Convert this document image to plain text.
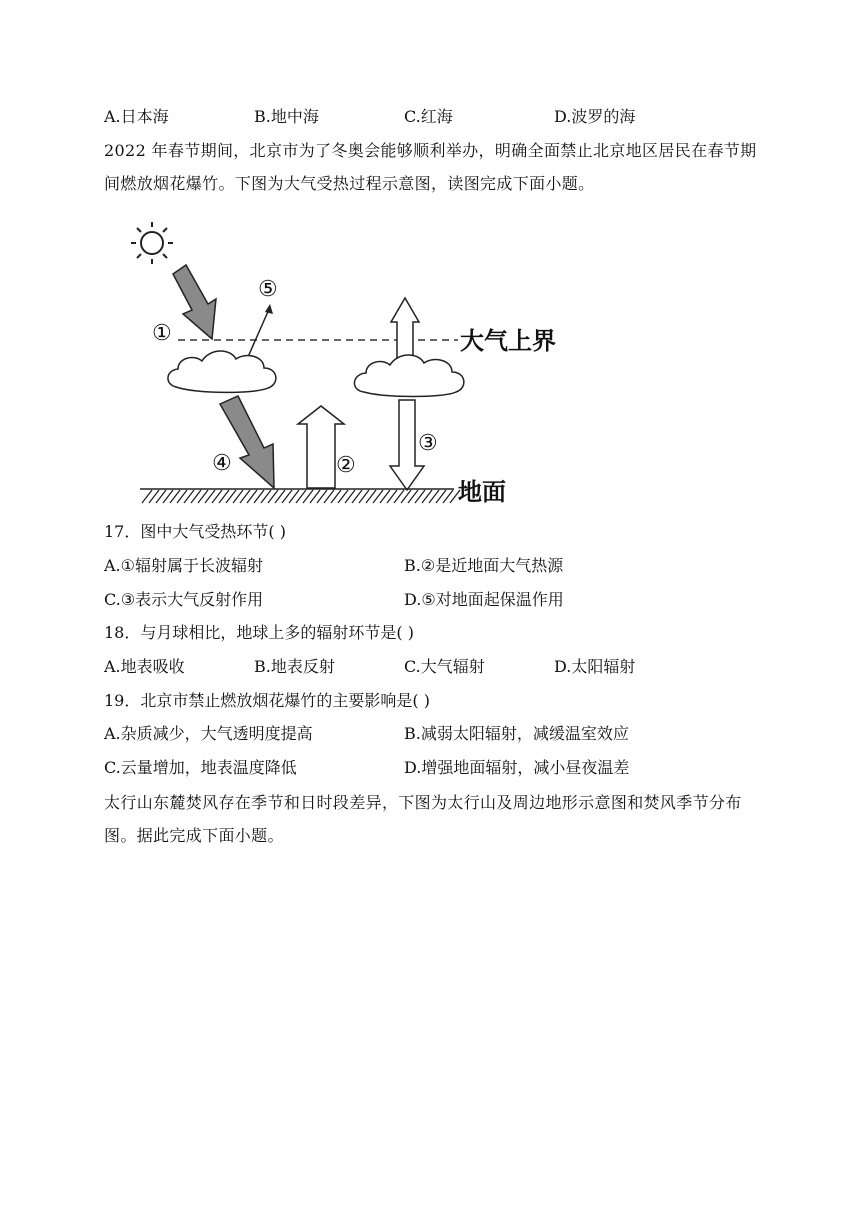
A.日本海	B.地中海	C.红海	D.波罗的海
2022 年春节期间，北京市为了冬奥会能够顺利举办，明确全面禁止北京地区居民在春节期间燃放烟花爆竹。下图为大气受热过程示意图，读图完成下面小题。
大气上界
①
⑤
④	②
③
地面
17．图中大气受热环节( )
A.①辐射属于长波辐射	B.②是近地面大气热源
C.③表示大气反射作用	D.⑤对地面起保温作用
18．与月球相比，地球上多的辐射环节是( )
A.地表吸收	B.地表反射	C.大气辐射	D.太阳辐射
19．北京市禁止燃放烟花爆竹的主要影响是( )
A.杂质减少，大气透明度提高	B.减弱太阳辐射，减缓温室效应
C.云量增加，地表温度降低	D.增强地面辐射，减小昼夜温差
太行山东麓焚风存在季节和日时段差异，下图为太行山及周边地形示意图和焚风季节分布图。据此完成下面小题。
